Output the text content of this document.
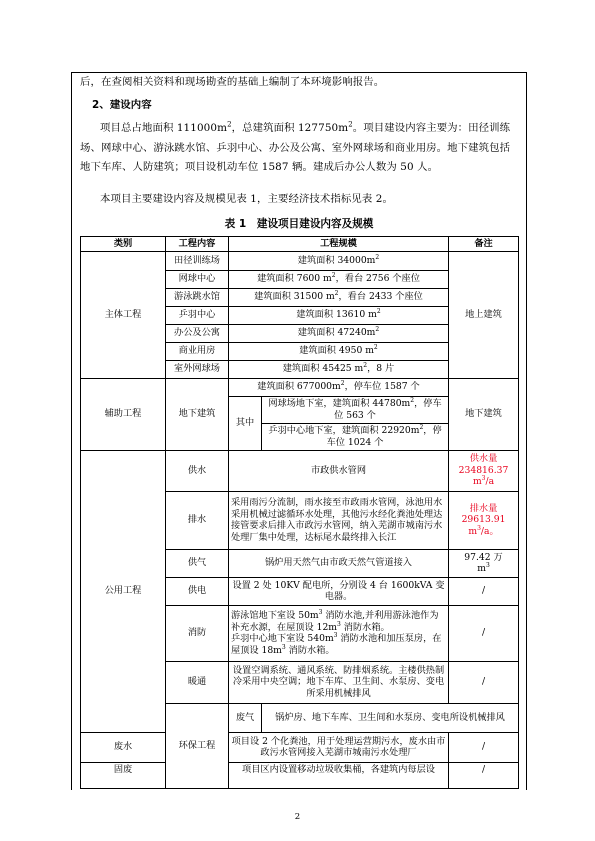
后，在查阅相关资料和现场勘查的基础上编制了本环境影响报告。

2、建设内容

项目总占地面积 $111000m^2$，总建筑面积 $127750m^2$。项目建设内容主要为：田径训练场、网球中心、游泳跳水馆、乒羽中心、办公及公寓、室外网球场和商业用房。地下建筑包括地下车库、人防建筑；项目设机动车位 1587 辆。建成后办公人数为 50 人。

本项目主要建设内容及规模见表 1，主要经济技术指标见表 2。

表 1　建设项目建设内容及规模
类别	工程内容	工程规模		备注	
主体工程	田径训练场	建筑面积 $34000m^2$		地上建筑	
	网球中心	建筑面积 7600 $m^2$，看台 2756 个座位			
	游泳跳水馆	建筑面积 31500 $m^2$，看台 2433 个座位			
	乒羽中心	建筑面积 13610 $m^2$
	办公及公寓	建筑面积 $47240m^2$
	商业用房	建筑面积 4950 $m^2$
	室外网球场	建筑面积 45425 $m^2$，8 片			
辅助工程	地下建筑	建筑面积 $677000m^2$，停车位 1587 个		地下建筑	
		其中	网球场地下室，建筑面积 $44780m^2$，停车位 563 个		
			乒羽中心地下室，建筑面积 $22920m^2$，停车位 1024 个		
公用工程	供水	市政供水管网		供水量
234816.37
$m^3/a$	
	排水	采用雨污分流制，雨水接至市政雨水管网，泳池用水采用机械过滤循环水处理，其他污水经化粪池处理达接管要求后排入市政污水管网，纳入芜湖市城南污水处理厂集中处理，达标尾水最终排入长江		排水量
29613.91
$m^3/a$。	
	供气	锅炉用天然气由市政天然气管道接入		97.42 万
$m^3$
	供电	设置 2 处 10KV 配电所，分别设 4 台 1600kVA 变电器。		/	
	消防	游泳馆地下室设 $50m^3$ 消防水池,并利用游泳池作为补充水源，在屋顶设 $12m^3$ 消防水箱。
乒羽中心地下室设 $540m^3$ 消防水池和加压泵房，在屋顶设 $18m^3$ 消防水箱。		/	
	暖通	设置空调系统、通风系统、防排烟系统。主楼供热制冷采用中央空调；地下车库、卫生间、水泵房、变电所采用机械排风		/	
	环保工程	废气	锅炉房、地下车库、卫生间和水泵房、变电所设机械排风	
废水		项目设 2 个化粪池，用于处理运营期污水，废水由市政污水管网接入芜湖市城南污水处理厂		/	
固废		项目区内设置移动垃圾收集桶，各建筑内每层设		/	
2
